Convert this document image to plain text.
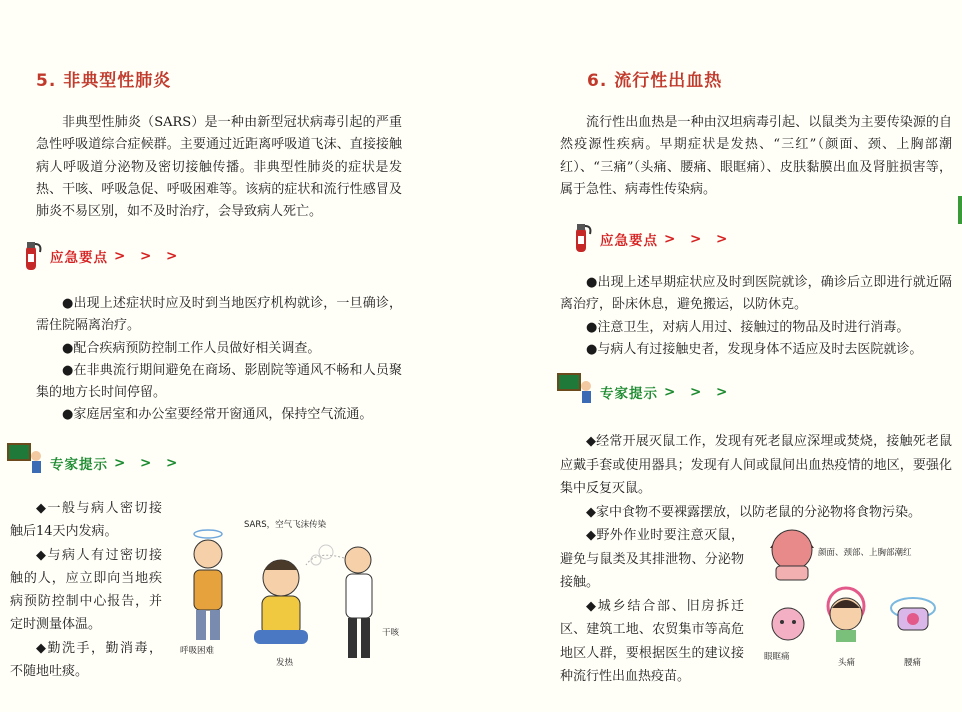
5. 非典型性肺炎

非典型性肺炎（SARS）是一种由新型冠状病毒引起的严重急性呼吸道综合症候群。主要通过近距离呼吸道飞沫、直接接触病人呼吸道分泌物及密切接触传播。非典型性肺炎的症状是发热、干咳、呼吸急促、呼吸困难等。该病的症状和流行性感冒及肺炎不易区别，如不及时治疗，会导致病人死亡。

应急要点 > > >

●出现上述症状时应及时到当地医疗机构就诊，一旦确诊，需住院隔离治疗。

●配合疾病预防控制工作人员做好相关调查。

●在非典流行期间避免在商场、影剧院等通风不畅和人员聚集的地方长时间停留。

●家庭居室和办公室要经常开窗通风，保持空气流通。

专家提示 > > >

◆一般与病人密切接触后14天内发病。

◆与病人有过密切接触的人，应立即向当地疾病预防控制中心报告，并定时测量体温。

◆勤洗手，勤消毒，不随地吐痰。

SARS，空气飞沫传染
呼吸困难
发热
干咳
6. 流行性出血热

流行性出血热是一种由汉坦病毒引起、以鼠类为主要传染源的自然疫源性疾病。早期症状是发热、“三红”（颜面、颈、上胸部潮红）、“三痛”（头痛、腰痛、眼眶痛）、皮肤黏膜出血及肾脏损害等，属于急性、病毒性传染病。

应急要点 > > >

●出现上述早期症状应及时到医院就诊，确诊后立即进行就近隔离治疗，卧床休息，避免搬运，以防休克。

●注意卫生，对病人用过、接触过的物品及时进行消毒。

●与病人有过接触史者，发现身体不适应及时去医院就诊。

专家提示 > > >

◆经常开展灭鼠工作，发现有死老鼠应深埋或焚烧，接触死老鼠应戴手套或使用器具；发现有人间或鼠间出血热疫情的地区，要强化集中反复灭鼠。

◆家中食物不要裸露摆放，以防老鼠的分泌物将食物污染。

◆野外作业时要注意灭鼠，避免与鼠类及其排泄物、分泌物接触。

◆城乡结合部、旧房拆迁区、建筑工地、农贸集市等高危地区人群，要根据医生的建议接种流行性出血热疫苗。

颜面、颈部、上胸部潮红
眼眶痛
头痛	腰痛
